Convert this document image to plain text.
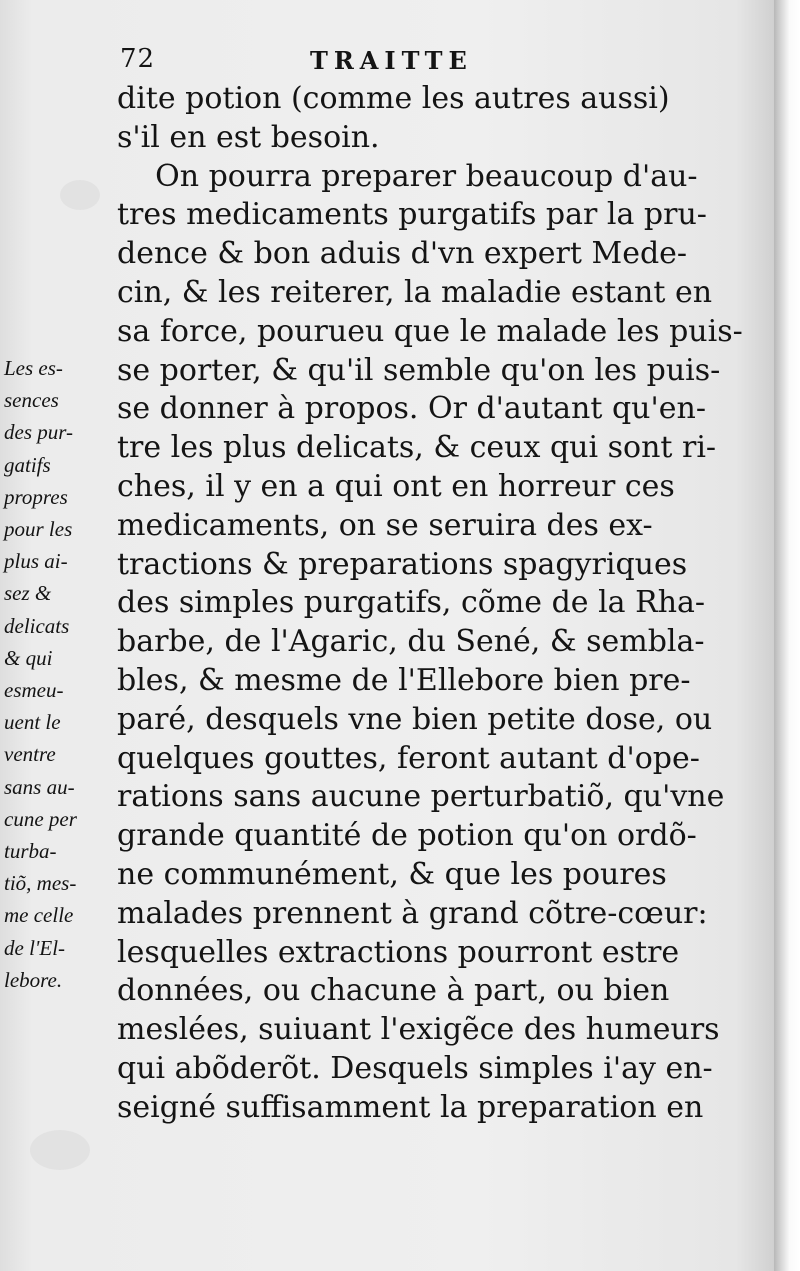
72	TRAITTE
dite potion (comme les autres aussi)
s'il en est besoin.
On pourra preparer beaucoup d'au-
tres medicaments purgatifs par la pru-
dence & bon aduis d'vn expert Mede-
cin, & les reiterer, la maladie estant en
sa force, pourueu que le malade les puis-
se porter, & qu'il semble qu'on les puis-
se donner à propos. Or d'autant qu'en-
tre les plus delicats, & ceux qui sont ri-
ches, il y en a qui ont en horreur ces
medicaments, on se seruira des ex-
tractions & preparations spagyriques
des simples purgatifs, cõme de la Rha-
barbe, de l'Agaric, du Sené, & sembla-
bles, & mesme de l'Ellebore bien pre-
paré, desquels vne bien petite dose, ou
quelques gouttes, feront autant d'ope-
rations sans aucune perturbatiõ, qu'vne
grande quantité de potion qu'on ordõ-
ne communément, & que les poures
malades prennent à grand cõtre-cœur:
lesquelles extractions pourront estre
données, ou chacune à part, ou bien
meslées, suiuant l'exigẽce des humeurs
qui abõderõt. Desquels simples i'ay en-
seigné suffisamment la preparation en
Les es-
sences
des pur-
gatifs
propres
pour les
plus ai-
sez &
delicats
& qui
esmeu-
uent le
ventre
sans au-
cune per
turba-
tiõ, mes-
me celle
de l'El-
lebore.
